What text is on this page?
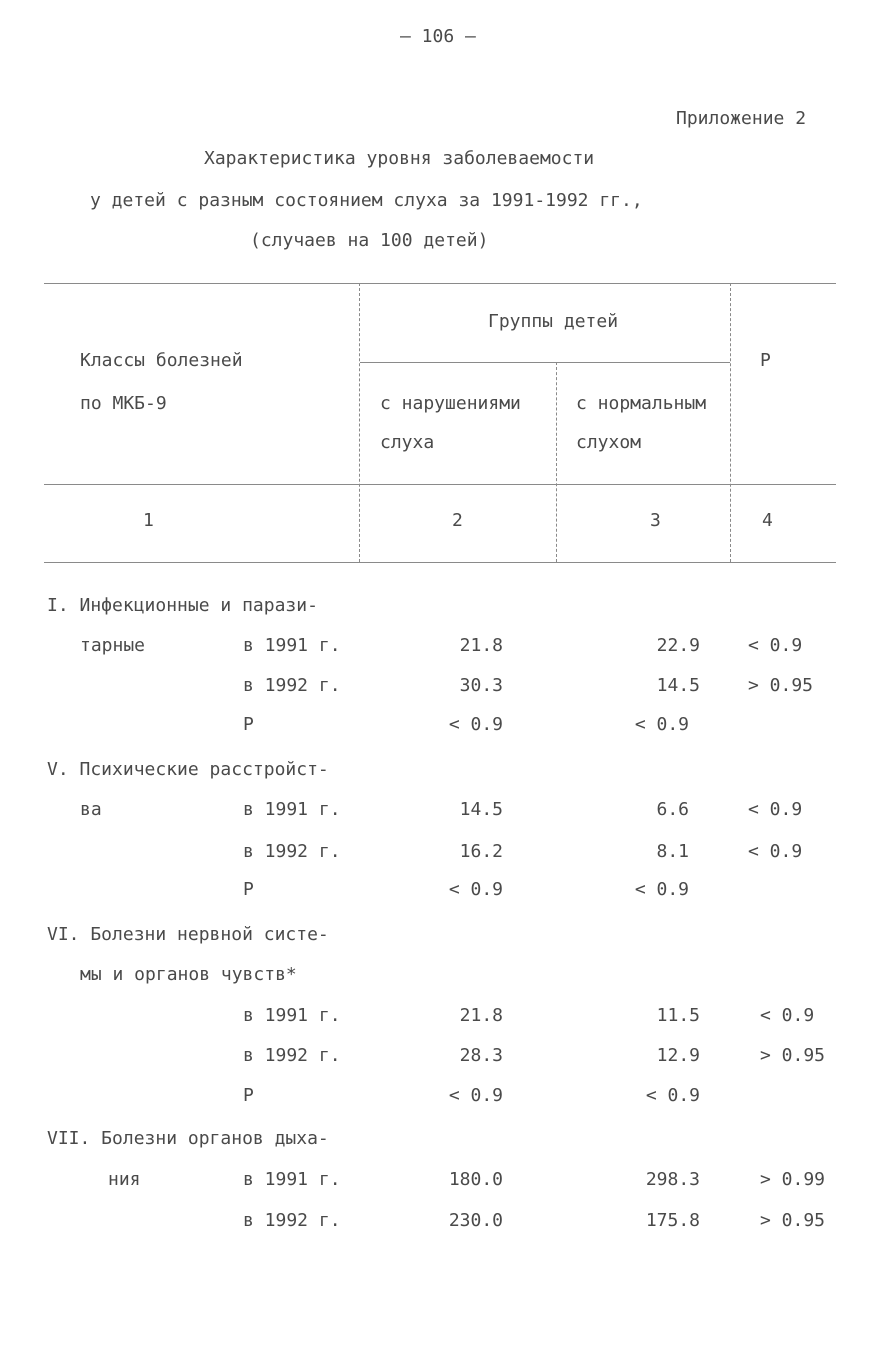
– 106 –
Приложение 2
Характеристика уровня заболеваемости
у детей с разным состоянием слуха за 1991-1992 гг.,
(случаев на 100 детей)
Классы болезней
по МКБ-9
Группы детей
с нарушениями
слуха
с нормальным
слухом
Р
1	2	3	4
I. Инфекционные и парази-
тарные	в 1991 г.	21.8	22.9	< 0.9
в 1992 г.	30.3	14.5	> 0.95
Р	< 0.9	< 0.9
V. Психические расстройст-
ва	в 1991 г.	14.5	6.6	< 0.9
в 1992 г.	16.2	8.1	< 0.9
Р	< 0.9	< 0.9
VI. Болезни нервной систе-
мы и органов чувств*
в 1991 г.	21.8	11.5	< 0.9
в 1992 г.	28.3	12.9	> 0.95
Р	< 0.9	< 0.9
VII. Болезни органов дыха-
ния	в 1991 г.	180.0	298.3	> 0.99
в 1992 г.	230.0	175.8	> 0.95
